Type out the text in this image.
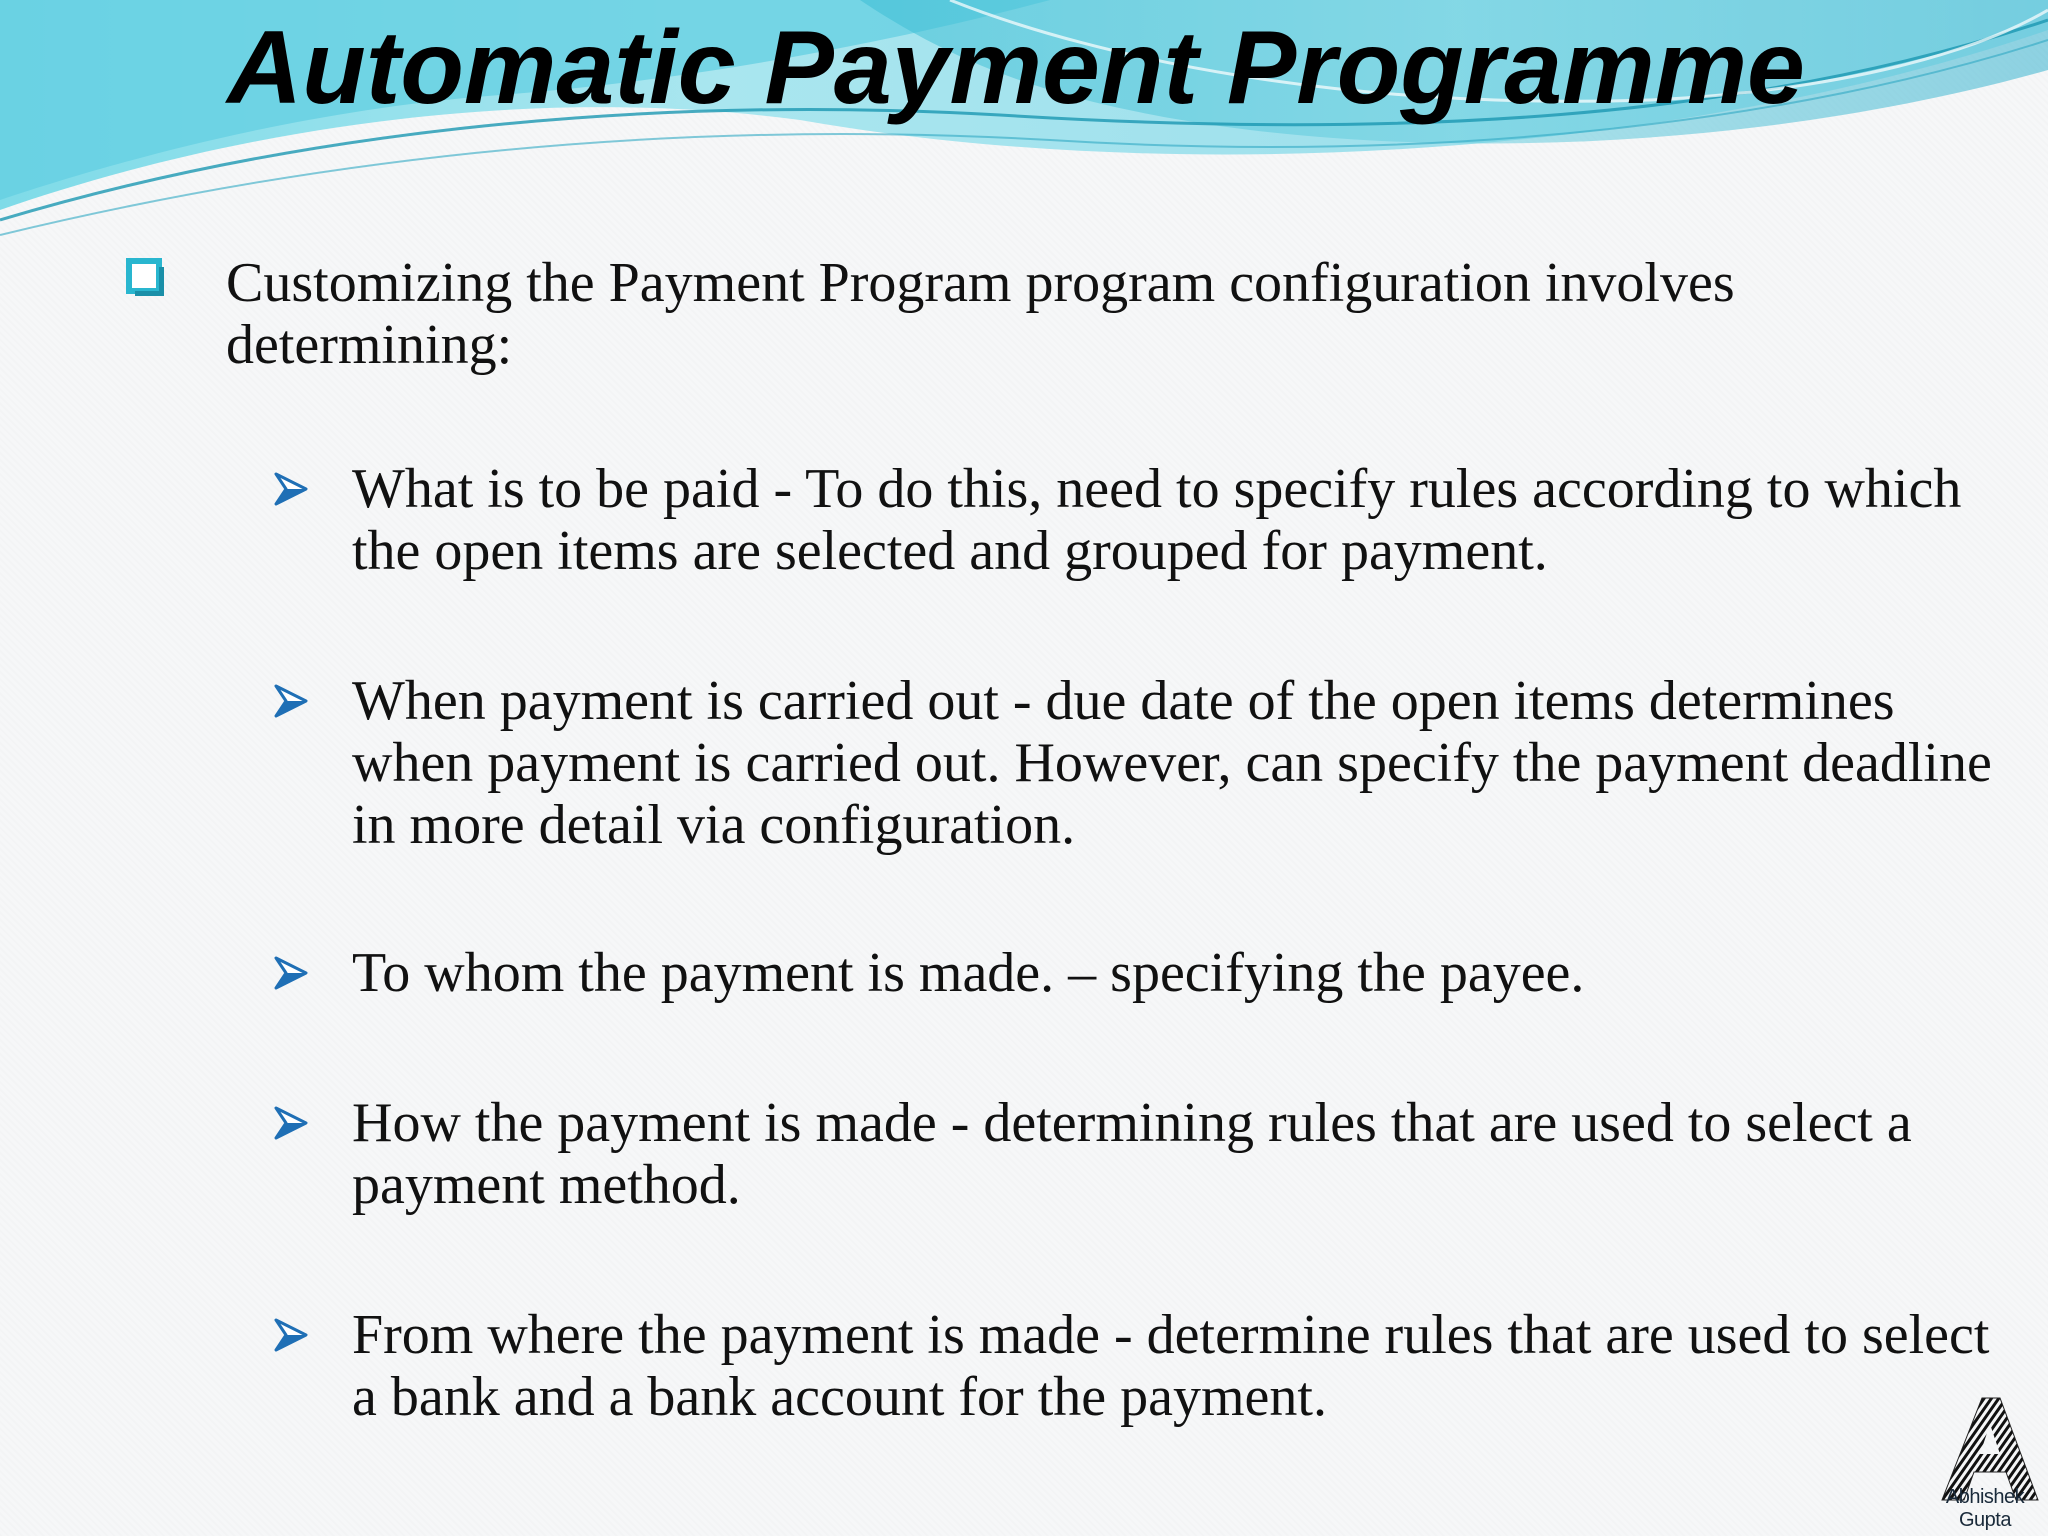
Automatic Payment Programme
Customizing the Payment Program program configuration involves determining:
What is to be paid - To do this, need to specify rules according to which the open items are selected and grouped for payment.
When payment is carried out - due date of the open items determines when payment is carried out. However, can specify the payment deadline in more detail via configuration.
To whom the payment is made. – specifying the payee.
How the payment is made - determining rules that are used to select a payment method.
From where the payment is made - determine rules that are used to select a bank and a bank account for the payment.
Abhishek Gupta
